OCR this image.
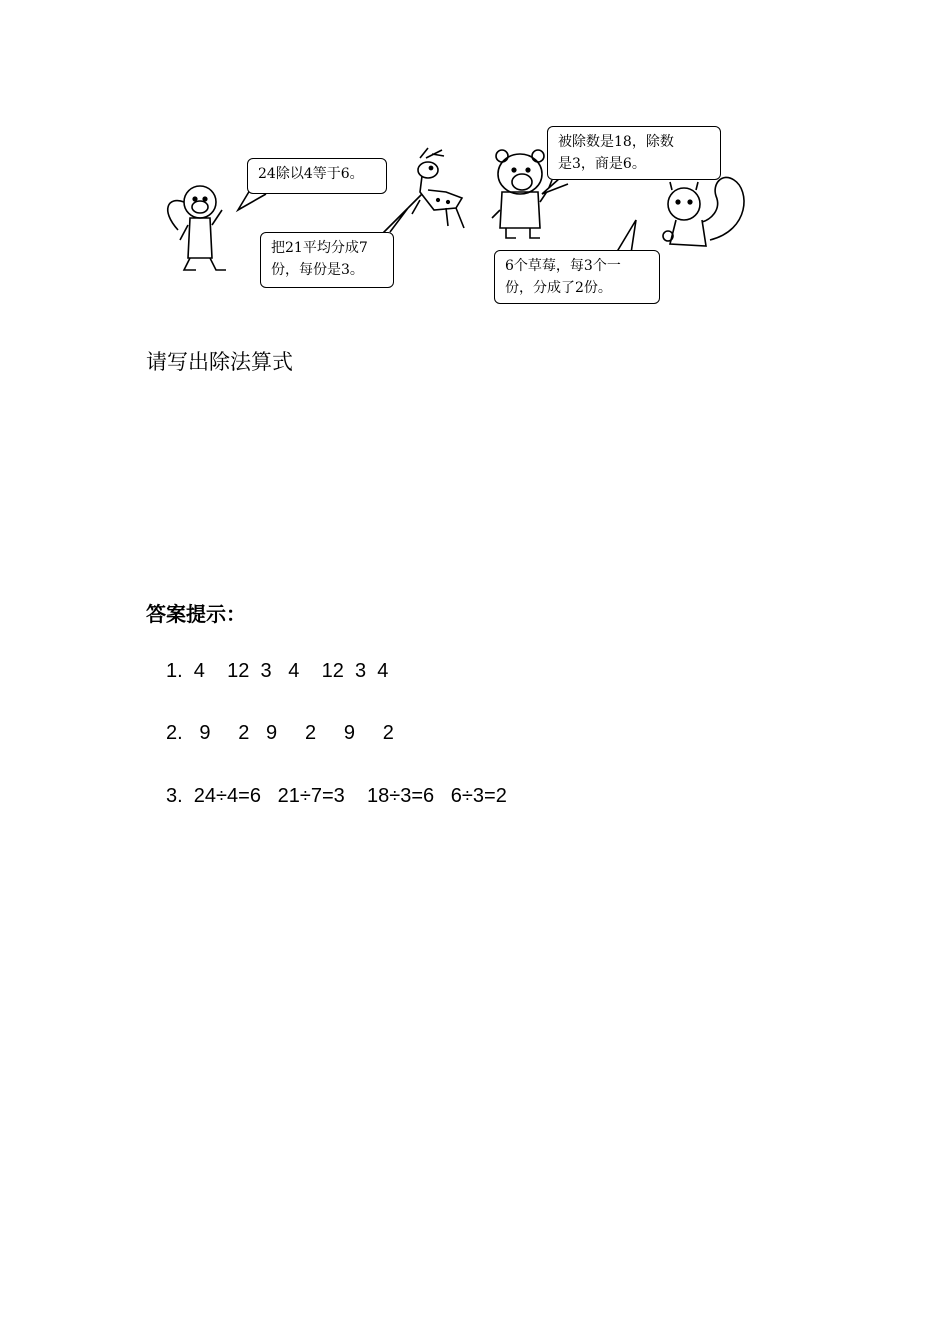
24除以4等于6。
把21平均分成7
份，每份是3。
被除数是18，除数
是3，商是6。
6个草莓，每3个一
份，分成了2份。
请写出除法算式
答案提示：
1.  4    12  3   4    12  3  4
2.   9     2   9     2     9     2
3.  24÷4=6   21÷7=3    18÷3=6   6÷3=2
